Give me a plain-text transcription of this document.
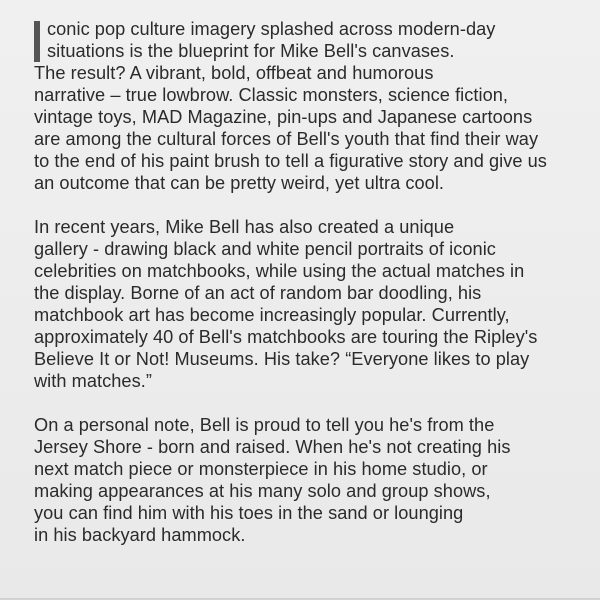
conic pop culture imagery splashed across modern-day
situations is the blueprint for Mike Bell's canvases.
The result? A vibrant, bold, offbeat and humorous
narrative – true lowbrow. Classic monsters, science fiction,
vintage toys, MAD Magazine, pin-ups and Japanese cartoons
are among the cultural forces of Bell's youth that find their way
to the end of his paint brush to tell a figurative story and give us
an outcome that can be pretty weird, yet ultra cool.
In recent years, Mike Bell has also created a unique
gallery - drawing black and white pencil portraits of iconic
celebrities on matchbooks, while using the actual matches in
the display. Borne of an act of random bar doodling, his
matchbook art has become increasingly popular. Currently,
approximately 40 of Bell's matchbooks are touring the Ripley's
Believe It or Not! Museums. His take? “Everyone likes to play
with matches.”
On a personal note, Bell is proud to tell you he's from the
Jersey Shore - born and raised. When he's not creating his
next match piece or monsterpiece in his home studio, or
making appearances at his many solo and group shows,
you can find him with his toes in the sand or lounging
in his backyard hammock.
